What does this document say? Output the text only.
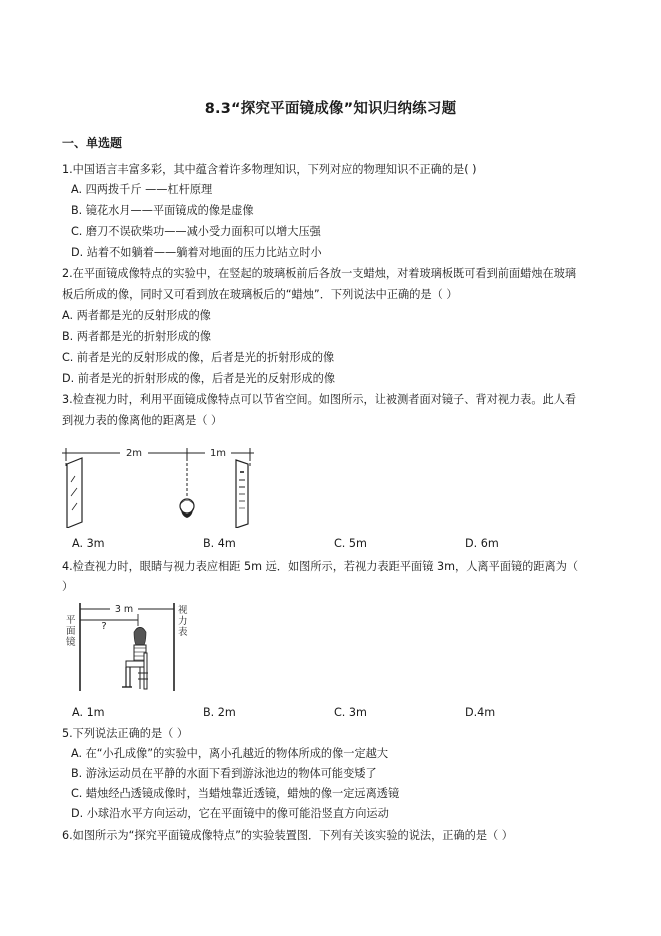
8.3“探究平面镜成像”知识归纳练习题
一、单选题
1.中国语言丰富多彩，其中蕴含着许多物理知识，下列对应的物理知识不正确的是( )
A. 四两拨千斤 ——杠杆原理
B. 镜花水月——平面镜成的像是虚像
C. 磨刀不误砍柴功——减小受力面积可以增大压强
D. 站着不如躺着——躺着对地面的压力比站立时小
2.在平面镜成像特点的实验中，在竖起的玻璃板前后各放一支蜡烛，对着玻璃板既可看到前面蜡烛在玻璃
板后所成的像，同时又可看到放在玻璃板后的“蜡烛”．下列说法中正确的是（ ）
A. 两者都是光的反射形成的像
B. 两者都是光的折射形成的像
C. 前者是光的反射形成的像，后者是光的折射形成的像
D. 前者是光的折射形成的像，后者是光的反射形成的像
3.检查视力时，利用平面镜成像特点可以节省空间。如图所示，让被测者面对镜子、背对视力表。此人看
到视力表的像离他的距离是（ ）
2m	1m
A. 3m	B. 4m	C. 5m	D. 6m
4.检查视力时，眼睛与视力表应相距 5m 远．如图所示，若视力表距平面镜 3m，人离平面镜的距离为（
）
平面镜
视力表
3 m
?
A. 1m	B. 2m	C. 3m	D.4m
5.下列说法正确的是（ ）
A. 在“小孔成像”的实验中，离小孔越近的物体所成的像一定越大
B. 游泳运动员在平静的水面下看到游泳池边的物体可能变矮了
C. 蜡烛经凸透镜成像时，当蜡烛靠近透镜，蜡烛的像一定远离透镜
D. 小球沿水平方向运动，它在平面镜中的像可能沿竖直方向运动
6.如图所示为“探究平面镜成像特点”的实验装置图．下列有关该实验的说法，正确的是（ ）
